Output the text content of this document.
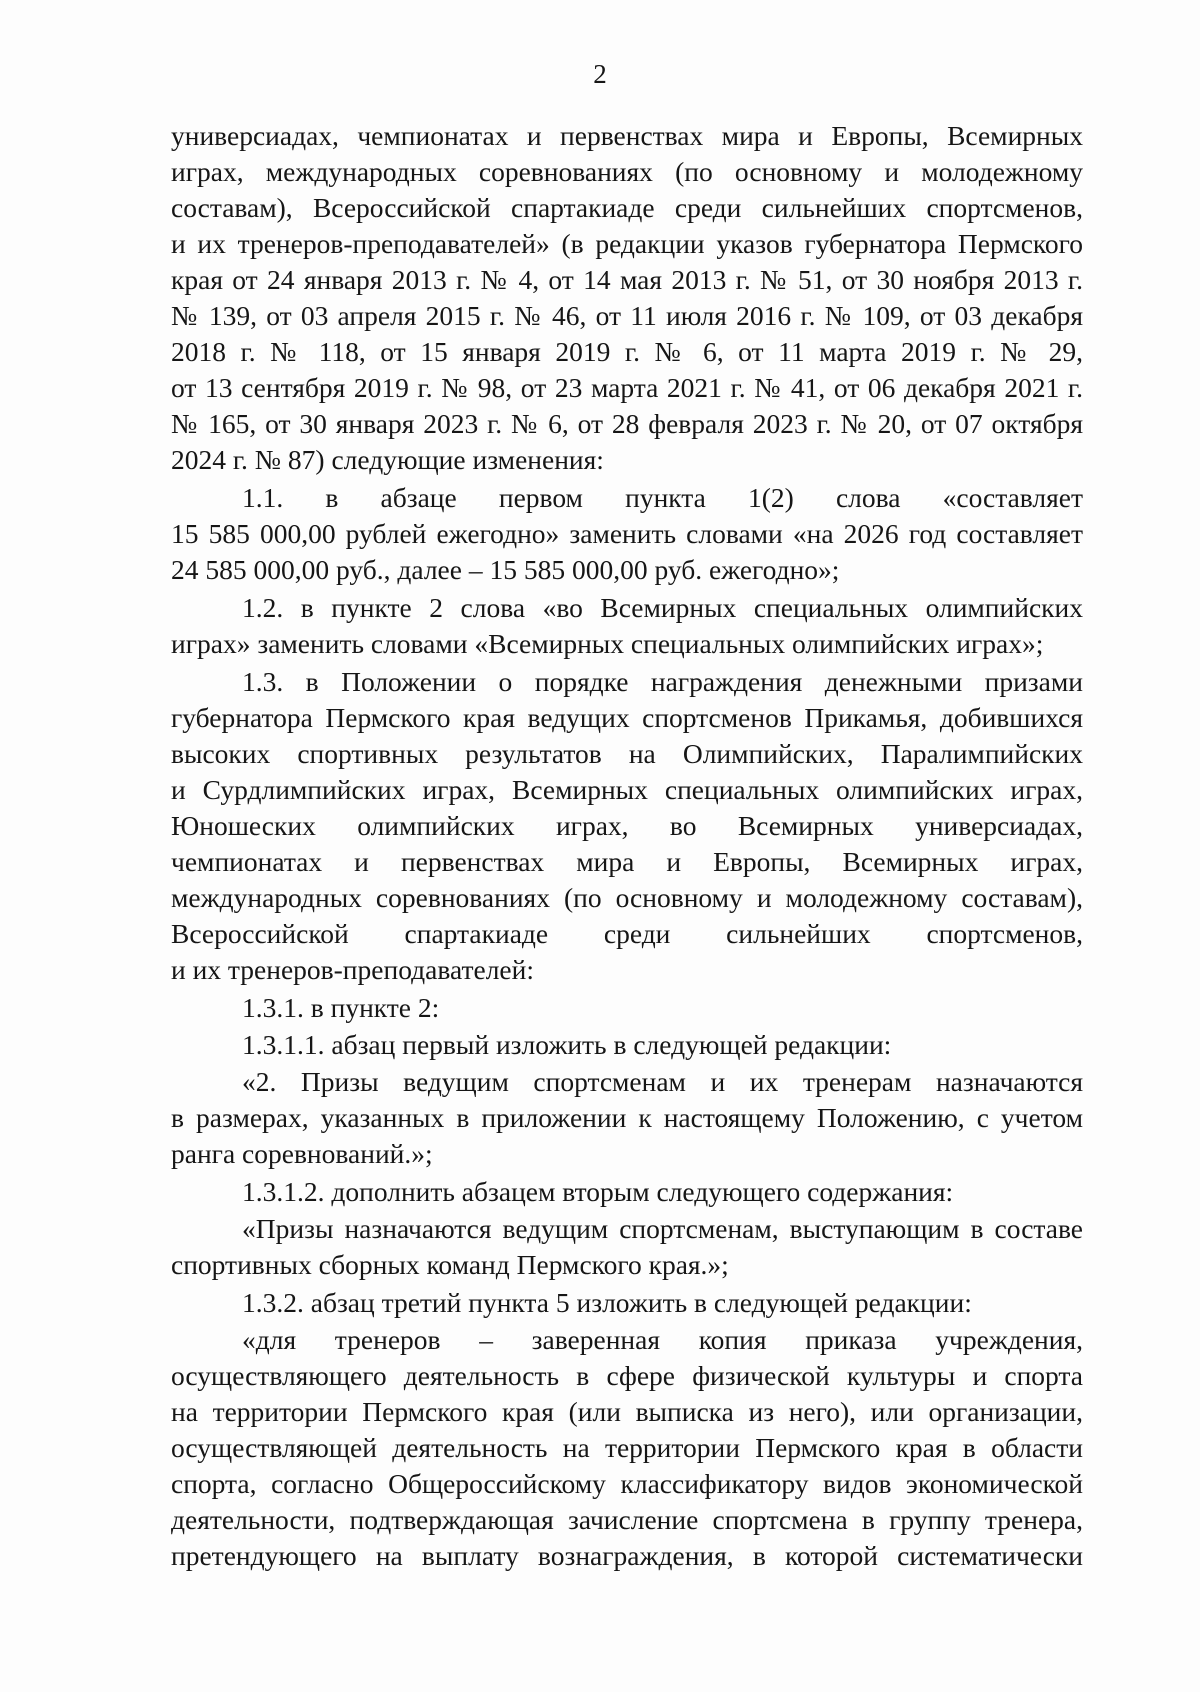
2
универсиадах, чемпионатах и первенствах мира и Европы, Всемирных
играх, международных соревнованиях (по основному и молодежному
составам), Всероссийской спартакиаде среди сильнейших спортсменов,
и их тренеров-преподавателей» (в редакции указов губернатора Пермского
края от 24 января 2013 г. № 4, от 14 мая 2013 г. № 51, от 30 ноября 2013 г.
№ 139, от 03 апреля 2015 г. № 46, от 11 июля 2016 г. № 109, от 03 декабря
2018 г. № 118, от 15 января 2019 г. № 6, от 11 марта 2019 г. № 29,
от 13 сентября 2019 г. № 98, от 23 марта 2021 г. № 41, от 06 декабря 2021 г.
№ 165, от 30 января 2023 г. № 6, от 28 февраля 2023 г. № 20, от 07 октября
2024 г. № 87) следующие изменения:
1.1. в абзаце первом пункта 1(2) слова «составляет
15 585 000,00 рублей ежегодно» заменить словами «на 2026 год составляет
24 585 000,00 руб., далее – 15 585 000,00 руб. ежегодно»;
1.2. в пункте 2 слова «во Всемирных специальных олимпийских
играх» заменить словами «Всемирных специальных олимпийских играх»;
1.3. в Положении о порядке награждения денежными призами
губернатора Пермского края ведущих спортсменов Прикамья, добившихся
высоких спортивных результатов на Олимпийских, Паралимпийских
и Сурдлимпийских играх, Всемирных специальных олимпийских играх,
Юношеских олимпийских играх, во Всемирных универсиадах,
чемпионатах и первенствах мира и Европы, Всемирных играх,
международных соревнованиях (по основному и молодежному составам),
Всероссийской спартакиаде среди сильнейших спортсменов,
и их тренеров-преподавателей:
1.3.1. в пункте 2:
1.3.1.1. абзац первый изложить в следующей редакции:
«2. Призы ведущим спортсменам и их тренерам назначаются
в размерах, указанных в приложении к настоящему Положению, с учетом
ранга соревнований.»;
1.3.1.2. дополнить абзацем вторым следующего содержания:
«Призы назначаются ведущим спортсменам, выступающим в составе
спортивных сборных команд Пермского края.»;
1.3.2. абзац третий пункта 5 изложить в следующей редакции:
«для тренеров – заверенная копия приказа учреждения,
осуществляющего деятельность в сфере физической культуры и спорта
на территории Пермского края (или выписка из него), или организации,
осуществляющей деятельность на территории Пермского края в области
спорта, согласно Общероссийскому классификатору видов экономической
деятельности, подтверждающая зачисление спортсмена в группу тренера,
претендующего на выплату вознаграждения, в которой систематически
